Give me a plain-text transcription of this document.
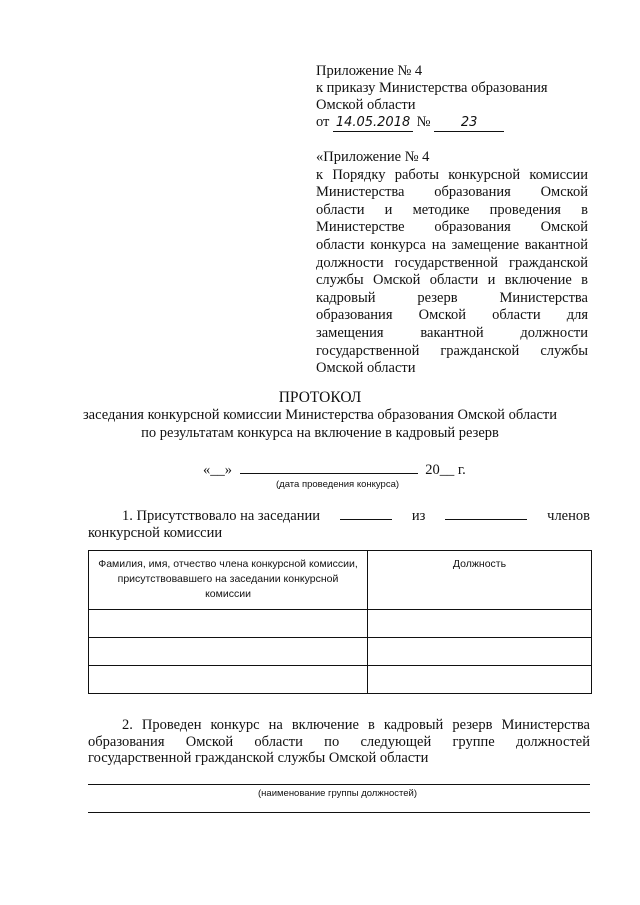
Приложение № 4
к приказу Министерства образования
Омской области
от 14.05.2018 № 23
«Приложение № 4
к Порядку работы конкурсной комиссии
Министерства образования Омской
области и методике проведения в
Министерстве образования Омской
области конкурса на замещение вакантной
должности государственной гражданской
службы Омской области и включение в
кадровый резерв Министерства
образования Омской области для
замещения вакантной должности
государственной гражданской службы
Омской области
ПРОТОКОЛ
заседания конкурсной комиссии Министерства образования Омской области
по результатам конкурса на включение в кадровый резерв
«__»	20__ г.
(дата проведения конкурса)
1. Присутствовало на заседании	из	членов
конкурсной комиссии
Фамилия, имя, отчество члена конкурсной комиссии, присутствовавшего на заседании конкурсной комиссии	Должность

2. Проведен конкурс на включение в кадровый резерв Министерства образования Омской области по следующей группе должностей государственной гражданской службы Омской области
(наименование группы должностей)
